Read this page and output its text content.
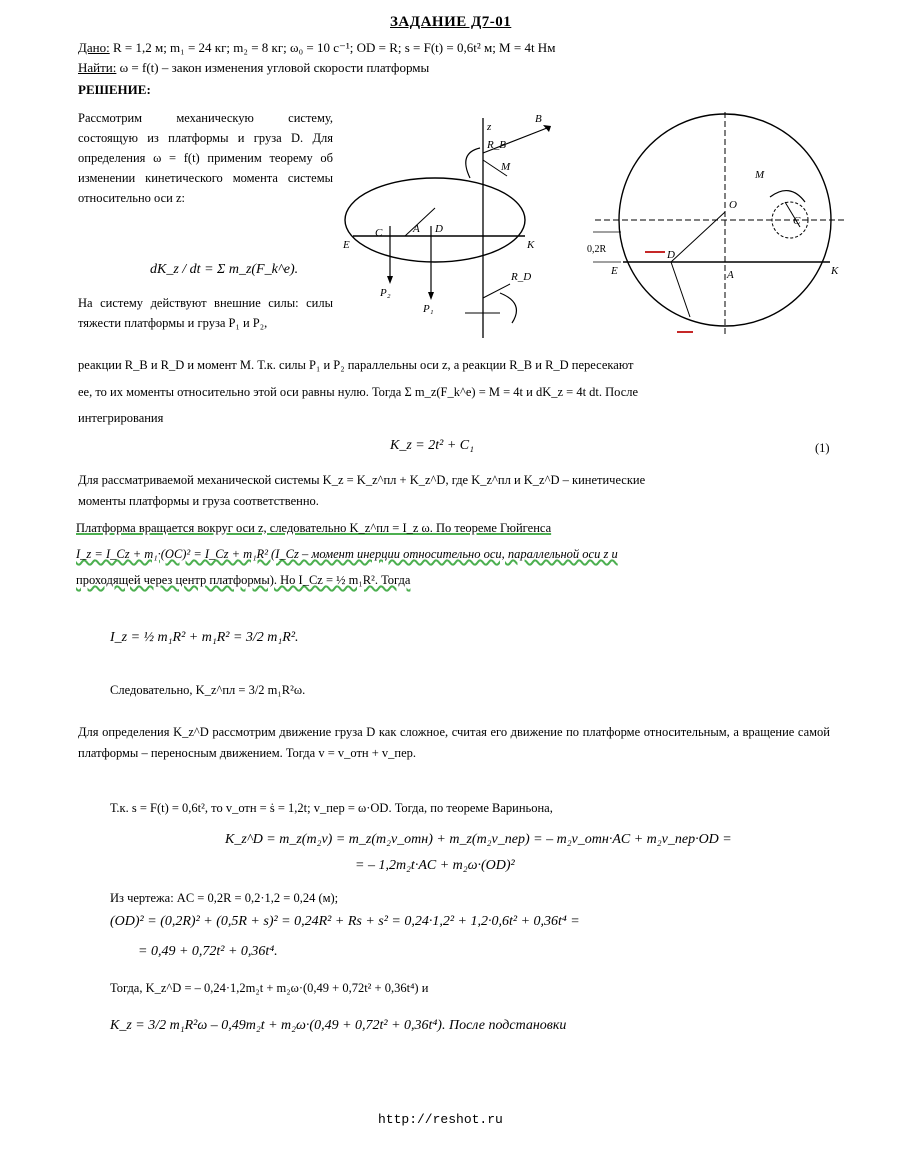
ЗАДАНИЕ Д7-01
Дано: R = 1,2 м; m₁ = 24 кг; m₂ = 8 кг; ω₀ = 10 с⁻¹; OD = R; s = F(t) = 0,6t² м; M = 4t Нм
Найти: ω = f(t) – закон изменения угловой скорости платформы
РЕШЕНИЕ:
Рассмотрим механическую систему, состоящую из платформы и груза D. Для определения ω = f(t) применим теорему об изменении кинетического момента системы относительно оси z:
dK_z / dt = Σ m_z(F_k^e).
На систему действуют внешние силы: силы тяжести платформы и груза P₁ и P₂,
R_B
B
z
C	A D
E	K
P₂
P₁
R_D
M
0,2R
O
M
C
D
A
E	K
реакции R_B и R_D и момент M. Т.к. силы P₁ и P₂ параллельны оси z, а реакции R_B и R_D пересекают
ее, то их моменты относительно этой оси равны нулю. Тогда Σ m_z(F_k^e) = M = 4t и dK_z = 4t dt. После
интегрирования
K_z = 2t² + C₁	(1)
Для рассматриваемой механической системы K_z = K_z^пл + K_z^D, где K_z^пл и K_z^D – кинетические
моменты платформы и груза соответственно.
Платформа вращается вокруг оси z, следовательно K_z^пл = I_z ω. По теореме Гюйгенса
I_z = I_Cz + m₁·(OC)² = I_Cz + m₁R² (I_Cz – момент инерции относительно оси, параллельной оси z и
проходящей через центр платформы). Но I_Cz = ½ m₁R². Тогда
I_z = ½ m₁R² + m₁R² = 3/2 m₁R².
Следовательно, K_z^пл = 3/2 m₁R²ω.
Для определения K_z^D рассмотрим движение груза D как сложное, считая его движение по платформе относительным, а вращение самой платформы – переносным движением. Тогда v = v_отн + v_пер.
Т.к. s = F(t) = 0,6t², то v_отн = ṡ = 1,2t; v_пер = ω·OD. Тогда, по теореме Вариньона,
K_z^D = m_z(m₂v) = m_z(m₂v_отн) + m_z(m₂v_пер) = – m₂v_отн·AC + m₂v_пер·OD =
= – 1,2m₂t·AC + m₂ω·(OD)²
Из чертежа: AC = 0,2R = 0,2·1,2 = 0,24 (м);
(OD)² = (0,2R)² + (0,5R + s)² = 0,24R² + Rs + s² = 0,24·1,2² + 1,2·0,6t² + 0,36t⁴ =
= 0,49 + 0,72t² + 0,36t⁴.
Тогда, K_z^D = – 0,24·1,2m₂t + m₂ω·(0,49 + 0,72t² + 0,36t⁴) и
K_z = 3/2 m₁R²ω – 0,49m₂t + m₂ω·(0,49 + 0,72t² + 0,36t⁴). После подстановки
http://reshot.ru
